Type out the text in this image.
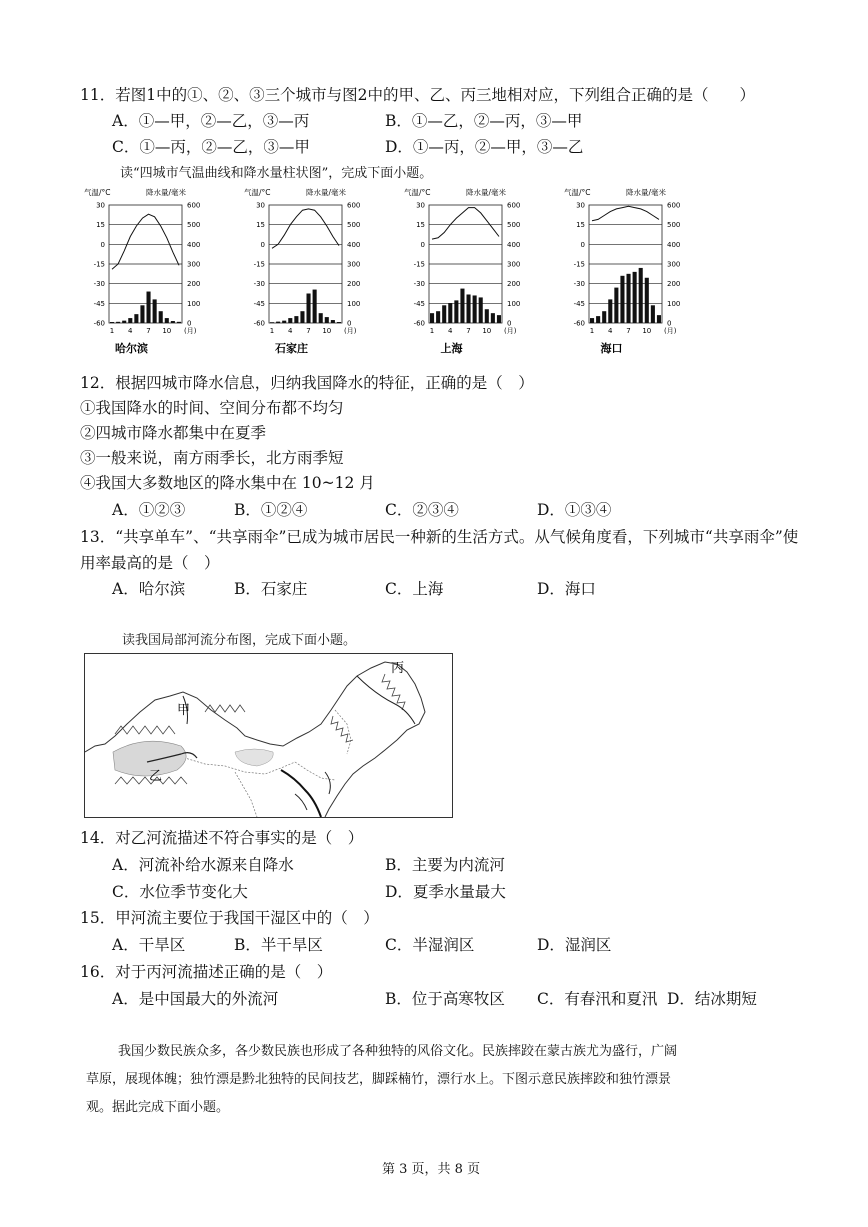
11．若图1中的①、②、③三个城市与图2中的甲、乙、丙三地相对应，下列组合正确的是（　　）
A．①—甲，②—乙，③—丙	B．①—乙，②—丙，③—甲
C．①—丙，②—乙，③—甲	D．①—丙，②—甲，③—乙
读“四城市气温曲线和降水量柱状图”，完成下面小题。
气温/°C	降水量/毫米
30
15
0
-15
-30
-45
-60
600
500
400
300
200
100
0
1 4 7 10 (月)
哈尔滨
气温/°C	降水量/毫米
30
15
0
-15
-30
-45
-60
600
500
400
300
200
100
0
1 4 7 10 (月)
石家庄
气温/°C	降水量/毫米
30
15
0
-15
-30
-45
-60
600
500
400
300
200
100
0
1 4 7 10 (月)
上海
气温/°C	降水量/毫米
30
15
0
-15
-30
-45
-60
600
500
400
300
200
100
0
1 4 7 10 (月)
海口
12．根据四城市降水信息，归纳我国降水的特征，正确的是（　）
①我国降水的时间、空间分布都不均匀
②四城市降水都集中在夏季
③一般来说，南方雨季长，北方雨季短
④我国大多数地区的降水集中在 10~12 月
A．①②③	B．①②④	C．②③④	D．①③④
13．“共享单车”、“共享雨伞”已成为城市居民一种新的生活方式。从气候角度看，下列城市“共享雨伞”使
用率最高的是（　）
A．哈尔滨	B．石家庄	C．上海	D．海口
读我国局部河流分布图，完成下面小题。
甲
乙
丙
14．对乙河流描述不符合事实的是（　）
A．河流补给水源来自降水	B．主要为内流河
C．水位季节变化大	D．夏季水量最大
15．甲河流主要位于我国干湿区中的（　）
A．干旱区	B．半干旱区	C．半湿润区	D．湿润区
16．对于丙河流描述正确的是（　）
A．是中国最大的外流河	B．位于高寒牧区 C．有春汛和夏汛 D．结冰期短
我国少数民族众多，各少数民族也形成了各种独特的风俗文化。民族摔跤在蒙古族尤为盛行，广阔
草原，展现体魄；独竹漂是黔北独特的民间技艺，脚踩楠竹，漂行水上。下图示意民族摔跤和独竹漂景
观。据此完成下面小题。
第 3 页，共 8 页
